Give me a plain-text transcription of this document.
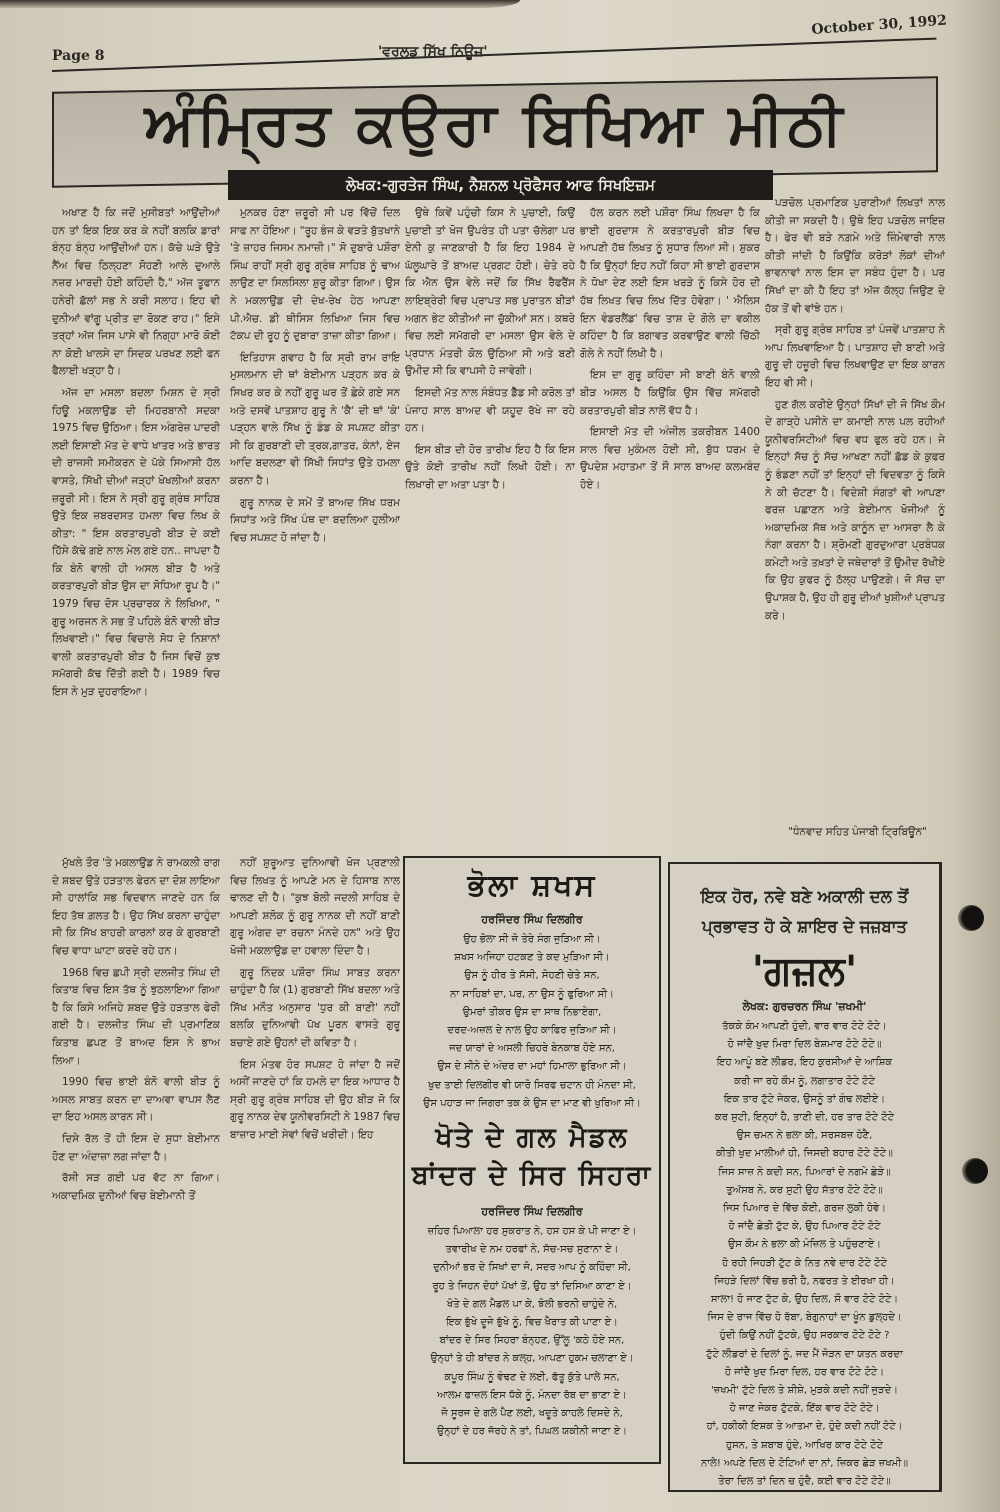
Page 8	'ਵਰਲਡ ਸਿੱਖ ਨਿਊਜ਼'
October 30, 1992
ਅੰਮ੍ਰਿਤ ਕਉਰਾ ਬਿਖਿਆ ਮੀਠੀ
ਲੇਖਕ:-ਗੁਰਤੇਜ ਸਿੰਘ, ਨੈਸ਼ਨਲ ਪ੍ਰੋਫੈਸਰ ਆਫ ਸਿਖਇਜ਼ਮ

ਅਖਾਣ ਹੈ ਕਿ ਜਦੋਂ ਮੁਸੀਬਤਾਂ ਆਉਂਦੀਆਂ ਹਨ ਤਾਂ ਇਕ ਇਕ ਕਰ ਕੇ ਨਹੀਂ ਬਲਕਿ ਡਾਰਾਂ ਬੰਨ੍ਹ ਬੰਨ੍ਹ ਆਉਂਦੀਆਂ ਹਨ। ਕੱਚੇ ਘੜੇ ਉਤੇ ਨੈਂਅ ਵਿਚ ਠਿਲ੍ਹਣਾ ਸੋਹਣੀ ਆਲੇ ਦੁਆਲੇ ਨਜ਼ਰ ਮਾਰਦੀ ਹੋਈ ਕਹਿੰਦੀ ਹੈ," ਅੱਜ ਤੂਫਾਨ ਹਨੇਰੀ ਛੱਲਾਂ ਸਭ ਨੇ ਕਰੀ ਸਲਾਹ। ਇਹ ਵੀ ਦੁਨੀਆਂ ਵਾਂਗੂ ਪ੍ਰੀਤ ਦਾ ਰੋਕਣ ਰਾਹ।" ਇਸੇ ਤਰ੍ਹਾਂ ਅੱਜ ਜਿਸ ਪਾਸੇ ਵੀ ਨਿਗ੍ਹਾ ਮਾਰੋ ਕੋਈ ਨਾ ਕੋਈ ਖਾਲਸੇ ਦਾ ਸਿਦਕ ਪਰਖਣ ਲਈ ਫਨ ਫੈਲਾਈ ਖੜ੍ਹਾ ਹੈ।

ਅੱਜ ਦਾ ਮਸਲਾ ਬਦਲਾ ਮਿਸ਼ਨ ਦੇ ਸ੍ਰੀ ਹਿਊ ਮਕਲਾਉਡ ਦੀ ਮਿਹਰਬਾਨੀ ਸਦਕਾ 1975 ਵਿਚ ਉਠਿਆ। ਇਸ ਅੰਗਰੇਜ਼ ਪਾਦਰੀ ਲਈ ਇਸਾਈ ਮੱਤ ਦੇ ਵਾਧੇ ਖਾਤਰ ਅਤੇ ਭਾਰਤ ਦੀ ਰਾਜਸੀ ਸਮੀਕਰਨ ਦੇ ਪੱਕੇ ਸਿਆਸੀ ਹੱਲ ਵਾਸਤੇ, ਸਿੱਖੀ ਦੀਆਂ ਜੜ੍ਹਾਂ ਖੋਖਲੀਆਂ ਕਰਨਾ ਜ਼ਰੂਰੀ ਸੀ। ਇਸ ਨੇ ਸ੍ਰੀ ਗੁਰੂ ਗ੍ਰੰਥ ਸਾਹਿਬ ਉਤੇ ਇਕ ਜ਼ਬਰਦਸਤ ਹਮਲਾ ਵਿਚ ਲਿਖ ਕੇ ਕੀਤਾ: " ਇਸ ਕਰਤਾਰਪੁਰੀ ਬੀੜ ਦੇ ਕਈ ਹਿੱਸੇ ਕੱਢੇ ਗਏ ਨਾਲ ਮੇਲ ਗਏ ਹਨ.. ਜਾਪਦਾ ਹੈ ਕਿ ਬੰਨੋ ਵਾਲੀ ਹੀ ਅਸਲ ਬੀੜ ਹੈ ਅਤੇ ਕਰਤਾਰਪੁਰੀ ਬੀੜ ਉਸ ਦਾ ਸੋਧਿਆ ਰੂਪ ਹੈ।" 1979 ਵਿਚ ਦੋਸ ਪ੍ਰਚਾਰਕ ਨੇ ਲਿਖਿਆ, " ਗੁਰੂ ਅਰਜਨ ਨੇ ਸਭ ਤੋਂ ਪਹਿਲੇ ਬੰਨੋ ਵਾਲੀ ਬੀੜ ਲਿਖਵਾਈ।" ਵਿਚ ਵਿਚਾਲੇ ਸੋਧ ਦੇ ਨਿਸ਼ਾਨਾਂ ਵਾਲੀ ਕਰਤਾਰਪੁਰੀ ਬੀੜ ਹੈ ਜਿਸ ਵਿਚੋਂ ਕੁਝ ਸਮੱਗਰੀ ਕੱਢ ਦਿੱਤੀ ਗਈ ਹੈ। 1989 ਵਿਚ ਇਸ ਨੇ ਮੁੜ ਦੁਹਰਾਇਆ।

ਮੁਨਕਰ ਹੋਣਾ ਜ਼ਰੂਰੀ ਸੀ ਪਰ ਵਿੱਚੋਂ ਦਿਲ ਸਾਫ ਨਾ ਹੋਇਆ। "ਰੂਹ ਭੰਜ ਕੇ ਵੜਤੇ ਬੁੱਤਖਾਨੇ 'ਤੇ ਜ਼ਾਹਰ ਜਿਸਮ ਨਮਾਜ਼ੀ।" ਸੋ ਦੁਬਾਰੇ ਪਸ਼ੌਰਾ ਸਿੰਘ ਰਾਹੀਂ ਸ੍ਰੀ ਗੁਰੂ ਗ੍ਰੰਥ ਸਾਹਿਬ ਨੂੰ ਢਾਅ ਲਾਉਣ ਦਾ ਸਿਲਸਿਲਾ ਸ਼ੁਰੂ ਕੀਤਾ ਗਿਆ। ਉਸ ਨੇ ਮਕਲਾਉਡ ਦੀ ਦੇਖ-ਰੇਖ ਹੇਠ ਆਪਣਾ ਪੀ.ਐਚ. ਡੀ ਥੀਸਿਸ ਲਿਖਿਆ ਜਿਸ ਵਿਚ ਟੱਕਪ ਦੀ ਰੂਹ ਨੂੰ ਦੁਬਾਰਾ ਤਾਜ਼ਾ ਕੀਤਾ ਗਿਆ।

ਇਤਿਹਾਸ ਗਵਾਹ ਹੈ ਕਿ ਸ੍ਰੀ ਰਾਮ ਰਾਇ ਮੁਸਲਮਾਨ ਦੀ ਥਾਂ ਬੇਈਮਾਨ ਪੜ੍ਹਨ ਕਰ ਕੇ ਸਿਖਰ ਕਰ ਕੇ ਨਹੀਂ ਗੁਰੂ ਘਰ ਤੋਂ ਛੇਕੇ ਗਏ ਸਨ ਅਤੇ ਦਸਵੇਂ ਪਾਤਸ਼ਾਹ ਗੁਰੂ ਨੇ 'ਕੈ' ਦੀ ਥਾਂ 'ਕੇ' ਪੜ੍ਹਨ ਵਾਲੇ ਸਿੱਖ ਨੂੰ ਡੰਡ ਕੇ ਸਪਸ਼ਟ ਕੀਤਾ ਸੀ ਕਿ ਗੁਰਬਾਣੀ ਦੀ ਤ੍ਰਕ,ਗਾਤਰ, ਕੰਨਾਂ, ਏਜ ਆਦਿ ਬਦਲਣਾ ਵੀ ਸਿੱਖੀ ਸਿਧਾਂਤ ਉਤੇ ਹਮਲਾ ਕਰਨਾ ਹੈ।

ਗੁਰੂ ਨਾਨਕ ਦੇ ਸਮੇਂ ਤੋਂ ਬਾਅਦ ਸਿੱਖ ਧਰਮ ਸਿਧਾਂਤ ਅਤੇ ਸਿੱਖ ਪੰਥ ਦਾ ਬਦਲਿਆ ਹੁਲੀਆ ਵਿਚ ਸਪਸ਼ਟ ਹੋ ਜਾਂਦਾ ਹੈ।

ਉਥੇ ਕਿਵੇਂ ਪਹੁੰਚੀ ਕਿਸ ਨੇ ਪੁਚਾਈ, ਕਿਉਂ ਪੁਚਾਈ ਤਾਂ ਖੋਜ ਉਪਰੰਤ ਹੀ ਪਤਾ ਚੱਲੇਗਾ ਪਰ ਏਨੀ ਕੁ ਜਾਣਕਾਰੀ ਹੈ ਕਿ ਇਹ 1984 ਦੇ ਘੱਲੂਘਾਰੇ ਤੋਂ ਬਾਅਦ ਪ੍ਰਗਟ ਹੋਈ। ਚੇਤੇ ਰਹੇ ਕਿ ਐਨ ਉਸ ਵੇਲੇ ਜਦੋਂ ਕਿ ਸਿੱਖ ਰੈਫਰੈਂਸ ਲਾਇਬ੍ਰੇਰੀ ਵਿਚ ਪ੍ਰਾਪਤ ਸਭ ਪੁਰਾਤਨ ਬੀੜਾਂ ਅਗਨ ਭੇਟ ਕੀਤੀਆਂ ਜਾ ਚੁੱਕੀਆਂ ਸਨ। ਕਥਰੇ ਵਿਚ ਲਈ ਸਮੱਗਰੀ ਦਾ ਮਸਲਾ ਉਸ ਵੇਲੇ ਦੇ ਪ੍ਰਧਾਨ ਮੰਤਰੀ ਕੋਲ ਉਠਿਆ ਸੀ ਅਤੇ ਬਣੀ ਉਮੀਦ ਸੀ ਕਿ ਵਾਪਸੀ ਹੋ ਜਾਵੇਗੀ।

ਇਸਦੀ ਮੱਤ ਨਾਲ ਸੰਬੰਧਤ ਡੈੱਡ ਸੀ ਕਰੋਲ ਤਾਂ ਪੰਜਾਹ ਸਾਲ ਬਾਅਦ ਵੀ ਯਹੂਦ ਰੱਖੇ ਜਾ ਰਹੇ ਹਨ।

ਇਸ ਬੀੜ ਦੀ ਹੋਰ ਤਾਰੀਖ ਇਹ ਹੈ ਕਿ ਇਸ ਉਤੇ ਕੋਈ ਤਾਰੀਖ ਨਹੀਂ ਲਿਖੀ ਹੋਈ। ਨਾ ਲਿਖਾਰੀ ਦਾ ਅਤਾ ਪਤਾ ਹੈ।

ਹੱਲ ਕਰਨ ਲਈ ਪਸ਼ੌਰਾ ਸਿੰਘ ਲਿਖਦਾ ਹੈ ਕਿ ਭਾਈ ਗੁਰਦਾਸ ਨੇ ਕਰਤਾਰਪੁਰੀ ਬੀੜ ਵਿਚ ਆਪਣੀ ਹੱਥ ਲਿਖਤ ਨੂੰ ਸੁਧਾਰ ਲਿਆ ਸੀ। ਸ਼ੁਕਰ ਹੈ ਕਿ ਉਨ੍ਹਾਂ ਇਹ ਨਹੀਂ ਕਿਹਾ ਸੀ ਭਾਈ ਗੁਰਦਾਸ ਨੇ ਧੋਖਾ ਦੇਣ ਲਈ ਇਸ ਖਰੜੇ ਨੂੰ ਕਿਸੇ ਹੋਰ ਦੀ ਹੱਥ ਲਿਖਤ ਵਿਚ ਲਿਖ ਦਿੱਤ ਹੋਵੇਗਾ। ' ਐਲਿਸ ਇਨ ਵੰਡਰਲੈਂਡ' ਵਿਚ ਤਾਸ਼ ਦੇ ਗੋਲੇ ਦਾ ਵਕੀਲ ਕਹਿੰਦਾ ਹੈ ਕਿ ਬਗਾਵਤ ਕਰਵਾਉਣ ਵਾਲੀ ਚਿੱਠੀ ਗੋਲੇ ਨੇ ਨਹੀਂ ਲਿਖੀ ਹੈ।

ਇਸ ਦਾ ਗੁਰੂ ਕਹਿੰਦਾ ਸੀ ਬਾਣੀ ਬੰਨੋ ਵਾਲੀ ਬੀੜ ਅਸਲ ਹੈ ਕਿਉਂਕਿ ਉਸ ਵਿੱਚ ਸਮੱਗਰੀ ਕਰਤਾਰਪੁਰੀ ਬੀੜ ਨਾਲੋਂ ਵੱਧ ਹੈ।

ਇਸਾਈ ਮੱਤ ਦੀ ਅੰਜੀਲ ਤਕਰੀਬਨ 1400 ਸਾਲ ਵਿਚ ਮੁਕੰਮਲ ਹੋਈ ਸੀ, ਬੁੱਧ ਧਰਮ ਦੇ ਉਪਦੇਸ਼ ਮਹਾਤਮਾ ਤੋਂ ਸੌ ਸਾਲ ਬਾਅਦ ਕਲਮਬੰਦ ਹੋਏ।

ਪੜਚੋਲ ਪ੍ਰਮਾਣਿਕ ਪੁਰਾਣੀਆਂ ਲਿਖਤਾਂ ਨਾਲ ਕੀਤੀ ਜਾ ਸਕਦੀ ਹੈ। ਉਥੇ ਇਹ ਪੜਚੋਲ ਜਾਇਜ਼ ਹੈ। ਫੇਰ ਵੀ ਬੜੇ ਨਗ਼ਮੇ ਅਤੇ ਜ਼ਿੰਮੇਵਾਰੀ ਨਾਲ ਕੀਤੀ ਜਾਂਦੀ ਹੈ ਕਿਉਂਕਿ ਕਰੋੜਾਂ ਲੋਕਾਂ ਦੀਆਂ ਭਾਵਨਾਵਾਂ ਨਾਲ ਇਸ ਦਾ ਸਬੰਧ ਹੁੰਦਾ ਹੈ। ਪਰ ਸਿੱਖਾਂ ਦਾ ਕੀ ਹੈ ਇਹ ਤਾਂ ਅੱਜ ਕੱਲ੍ਹ ਜਿਉਣ ਦੇ ਹੱਕ ਤੋਂ ਵੀ ਵਾਂਝੇ ਹਨ।

ਸ੍ਰੀ ਗੁਰੂ ਗ੍ਰੰਥ ਸਾਹਿਬ ਤਾਂ ਪੰਜਵੇਂ ਪਾਤਸ਼ਾਹ ਨੇ ਆਪ ਲਿਖਵਾਇਆ ਹੈ। ਪਾਤਸ਼ਾਹ ਦੀ ਬਾਣੀ ਅਤੇ ਗੁਰੂ ਦੀ ਹਜ਼ੂਰੀ ਵਿਚ ਲਿਖਵਾਉਣ ਦਾ ਇਕ ਕਾਰਨ ਇਹ ਵੀ ਸੀ।

ਹੁਣ ਗੱਲ ਕਰੀਏ ਉਨ੍ਹਾਂ ਸਿੱਖਾਂ ਦੀ ਜੋ ਸਿੱਖ ਕੌਮ ਦੇ ਗਾੜ੍ਹੇ ਪਸੀਨੇ ਦਾ ਕਮਾਈ ਨਾਲ ਪਲ ਰਹੀਆਂ ਯੂਨੀਵਰਸਿਟੀਆਂ ਵਿਚ ਵਧ ਫੁਲ ਰਹੇ ਹਨ। ਜੇ ਇਨ੍ਹਾਂ ਸੱਚ ਨੂੰ ਸੱਚ ਆਖਣਾ ਨਹੀਂ ਛੱਡ ਕੇ ਕੁਫਰ ਨੂੰ ਭੰਡਣਾ ਨਹੀਂ ਤਾਂ ਇਨ੍ਹਾਂ ਦੀ ਵਿਦਵਤਾ ਨੂੰ ਕਿਸੇ ਨੇ ਕੀ ਚੱਟਣਾ ਹੈ। ਵਿਦੇਸ਼ੀ ਸੰਗਤਾਂ ਵੀ ਆਪਣਾ ਫਰਜ਼ ਪਛਾਣਨ ਅਤੇ ਬੇਈਮਾਨ ਖੋਜੀਆਂ ਨੂੰ ਅਕਾਦਮਿਕ ਸੱਥ ਅਤੇ ਕਾਨੂੰਨ ਦਾ ਆਸਰਾ ਲੈ ਕੇ ਨੰਗਾ ਕਰਨਾ ਹੈ। ਸ਼੍ਰੋਮਣੀ ਗੁਰਦੁਆਰਾ ਪ੍ਰਬੰਧਕ ਕਮੇਟੀ ਅਤੇ ਤਖ਼ਤਾਂ ਦੇ ਜਥੇਦਾਰਾਂ ਤੋਂ ਉਮੀਦ ਰੱਖੀਏ ਕਿ ਉਹ ਕੁਫਰ ਨੂੰ ਠੱਲ੍ਹ ਪਾਉਣਗੇ। ਜੋ ਸੱਚ ਦਾ ਉਪਾਸ਼ਕ ਹੈ, ਉਹ ਹੀ ਗੁਰੂ ਦੀਆਂ ਖੁਸ਼ੀਆਂ ਪ੍ਰਾਪਤ ਕਰੇ।

"ਧੰਨਵਾਦ ਸਹਿਤ ਪੰਜਾਬੀ ਟ੍ਰਿਬਿਊਨ"

ਮੁੱਖਲੇ ਤੌਰ 'ਤੇ ਮਕਲਾਉਡ ਨੇ ਰਾਮਕਲੀ ਰਾਗ ਦੇ ਸ਼ਬਦ ਉਤੇ ਹੜਤਾਲ ਫੇਰਨ ਦਾ ਦੋਸ਼ ਲਾਇਆ ਸੀ ਹਾਲਾਂਕਿ ਸਭ ਵਿਦਵਾਨ ਜਾਣਦੇ ਹਨ ਕਿ ਇਹ ਤੱਥ ਗ਼ਲਤ ਹੈ। ਉਹ ਸਿੱਖ ਕਰਨਾ ਚਾਹੁੰਦਾ ਸੀ ਕਿ ਸਿੱਖ ਬਾਹਰੀ ਕਾਰਨਾਂ ਕਰ ਕੇ ਗੁਰਬਾਣੀ ਵਿਚ ਵਾਧਾ ਘਾਟਾ ਕਰਦੇ ਰਹੇ ਹਨ।

1968 ਵਿਚ ਛਪੀ ਸ੍ਰੀ ਦਲਜੀਤ ਸਿੰਘ ਦੀ ਕਿਤਾਬ ਵਿਚ ਇਸ ਤੱਥ ਨੂੰ ਝੁਠਲਾਇਆ ਗਿਆ ਹੈ ਕਿ ਕਿਸੇ ਅਜਿਹੇ ਸ਼ਬਦ ਉਤੇ ਹੜਤਾਲ ਫੇਰੀ ਗਈ ਹੈ। ਦਲਜੀਤ ਸਿੰਘ ਦੀ ਪ੍ਰਮਾਣਿਕ ਕਿਤਾਬ ਛਪਣ ਤੋਂ ਬਾਅਦ ਇਸ ਨੇ ਭਾਅ ਲਿਆ।

1990 ਵਿਚ ਭਾਈ ਬੰਨੋ ਵਾਲੀ ਬੀੜ ਨੂੰ ਅਸਲ ਸਾਬਤ ਕਰਨ ਦਾ ਦਾਅਵਾ ਵਾਪਸ ਲੈਣ ਦਾ ਇਹ ਅਸਲ ਕਾਰਨ ਸੀ।

ਦਿਸੇ ਰੱਲ ਤੋਂ ਹੀ ਇਸ ਦੇ ਸੁਧਾ ਬੇਈਮਾਨ ਹੋਣ ਦਾ ਅੰਦਾਜ਼ਾ ਲਗ ਜਾਂਦਾ ਹੈ।

ਰੱਸੀ ਸੜ ਗਈ ਪਰ ਵੱਟ ਨਾ ਗਿਆ। ਅਕਾਦਮਿਕ ਦੁਨੀਆਂ ਵਿਚ ਬੇਈਮਾਨੀ ਤੋਂ

ਨਹੀਂ ਸ਼ੁਰੂਆਤ ਦੁਨਿਆਵੀ ਖੋਜ ਪ੍ਰਣਾਲੀ ਵਿਚ ਲਿਖਤ ਨੂੰ ਆਪਣੇ ਮਨ ਦੇ ਹਿਸਾਬ ਨਾਲ ਢਾਲਣ ਦੀ ਹੈ। "ਕੁਝ ਬੋਲੀ ਜਦਲੀ ਸਾਹਿਬ ਦੇ ਆਪਣੀ ਸ਼ਲੋਕ ਨੂੰ ਗੁਰੂ ਨਾਨਕ ਦੀ ਨਹੀਂ ਬਾਣੀ ਗੁਰੂ ਅੰਗਦ ਦਾ ਰਚਨਾ ਮੰਨਦੇ ਹਨ" ਅਤੇ ਉਹ ਖੋਜੀ ਮਕਲਾਉਡ ਦਾ ਹਵਾਲਾ ਦਿੰਦਾ ਹੈ।

ਗੁਰੂ ਨਿੰਦਕ ਪਸ਼ੌਰਾ ਸਿੰਘ ਸਾਬਤ ਕਰਨਾ ਚਾਹੁੰਦਾ ਹੈ ਕਿ (1) ਗੁਰਬਾਣੀ ਸਿੱਖ ਬਦਲਾ ਅਤੇ ਸਿੱਖ ਮਨੌਤ ਅਨੁਸਾਰ 'ਧੁਰ ਕੀ ਬਾਣੀ' ਨਹੀਂ ਬਲਕਿ ਦੁਨਿਆਵੀ ਪੱਖ ਪੂਰਨ ਵਾਸਤੇ ਗੁਰੂ ਬਚਾਏ ਗਏ ਉਹਨਾਂ ਦੀ ਕਵਿਤਾ ਹੈ।

ਇਸ ਮੰਤਵ ਹੋਰ ਸਪਸ਼ਟ ਹੋ ਜਾਂਦਾ ਹੈ ਜਦੋਂ ਅਸੀਂ ਜਾਣਦੇ ਹਾਂ ਕਿ ਹਮਲੇ ਦਾ ਇਕ ਆਧਾਰ ਹੈ ਸ੍ਰੀ ਗੁਰੂ ਗ੍ਰੰਥ ਸਾਹਿਬ ਦੀ ਉਹ ਬੀੜ ਜੋ ਕਿ ਗੁਰੂ ਨਾਨਕ ਦੇਵ ਯੂਨੀਵਰਸਿਟੀ ਨੇ 1987 ਵਿਚ ਬਾਜ਼ਾਰ ਮਾਈ ਸੇਵਾਂ ਵਿਚੋਂ ਖਰੀਦੀ। ਇਹ

ਭੋਲਾ ਸ਼ਖਸ
ਹਰਜਿੰਦਰ ਸਿੰਘ ਦਿਲਗੀਰ
ਉਹ ਭੋਲਾ ਸੀ ਜੋ ਤੇਰੇ ਸੰਗ ਜੁੜਿਆ ਸੀ।
ਸ਼ਖਸ ਅਜਿਹਾ ਹਟਕਣ ਤੇ ਕਦ ਮੁੜਿਆ ਸੀ।
ਉਸ ਨੂੰ ਹੀਰ ਤੇ ਸੱਸੀ, ਸੋਹਣੀ ਚੇਤੇ ਸਨ,
ਨਾ ਸਾਹਿਬਾਂ ਦਾ, ਪਰ, ਨਾ ਉਸ ਨੂੰ ਫੁਰਿਆ ਸੀ।
ਉਮਰਾਂ ਤੀਕਰ ਉਸ ਦਾ ਸਾਥ ਨਿਭਾਏਗਾ,
ਦਰਦ-ਅਜ਼ਲ ਦੇ ਨਾਲ ਉਹ ਕਾਫਿਰ ਜੁੜਿਆ ਸੀ।
ਜਦ ਯਾਰਾਂ ਦੇ ਅਸਲੀ ਚਿਹਰੇ ਬੇਨਕਾਬ ਹੋਏ ਸਨ,
ਉਸ ਦੇ ਸੀਨੇ ਦੇ ਅੰਦਰ ਦਾ ਮਹਾਂ ਹਿਮਾਲਾ ਭੁਰਿਆ ਸੀ।
ਖੁਦ ਤਾਈ ਦਿਲਗੀਰ ਵੀ ਯਾਰੋ ਸਿਰਫ ਚਟਾਨ ਹੀ ਮੰਨਦਾ ਸੀ,
ਉਸ ਪਹਾੜ ਜਾ ਜਿਗਰਾ ਤਕ ਕੇ ਉਸ ਦਾ ਮਾਣ ਵੀ ਖੁਰਿਆ ਸੀ।
ਖੋਤੇ ਦੇ ਗਲ ਮੈਡਲ
ਬਾਂਦਰ ਦੇ ਸਿਰ ਸਿਹਰਾ
ਹਰਜਿੰਦਰ ਸਿੰਘ ਦਿਲਗੀਰ
ਜ਼ਹਿਰ ਪਿਆਲਾ ਹਰ ਸੁਕਰਾਤ ਨੇ, ਹਸ ਹਸ ਕੇ ਪੀ ਜਾਣਾ ਏ।
ਤਵਾਰੀਖ ਦੇ ਨਮ ਹਰਫਾਂ ਨੇ, ਸੱਚ-ਸਚ ਸੁਣਾਨਾ ਏ।
ਦੁਨੀਆਂ ਭਰ ਦੇ ਸਿਖਾਂ ਦਾ ਜੋ, ਸਦਰ ਆਪ ਨੂੰ ਕਹਿੰਦਾ ਸੀ,
ਰੂਹ ਤੇ ਜਿਹਨ ਦੋਹਾਂ ਪੱਖਾਂ ਤੋਂ, ਉਹ ਤਾਂ ਦਿਸਿਆ ਕਾਣਾ ਏ।
ਖੋਤੇ ਦੇ ਗਲ ਮੈਡਲ ਪਾ ਕੇ, ਝੋਲੀ ਭਰਨੀ ਚਾਹੁੰਦੇ ਨੇ,
ਇਕ ਭੁੱਖੇ ਦੂਜੇ ਭੁੱਖੇ ਨੂੰ, ਵਿਚ ਖੈਰਾਤ ਕੀ ਪਾਣਾ ਏ।
ਬਾਂਦਰ ਦੇ ਸਿਰ ਸਿਹਰਾ ਬੰਨ੍ਹਣ, ਉੱਲੂ 'ਕਠੇ ਹੋਏ ਸਨ,
ਉਨ੍ਹਾਂ ਤੇ ਹੀ ਬਾਂਦਰ ਨੇ ਕਲ੍ਹ, ਆਪਣਾ ਹੁਕਮ ਚਲਾਣਾ ਏ।
ਕਪੂਰ ਸਿੰਘ ਨੂੰ ਵੰਢਣ ਦੇ ਲਈ, ਫੱਤੂ ਕੁੱਤੇ ਪਾਲੇ ਸਨ,
ਆਲਮ ਫਾਜ਼ਲ ਇਸ ਧੱਕੇ ਨੂੰ, ਮੰਨਦਾ ਰੱਬ ਦਾ ਭਾਣਾ ਏ।
ਜੋ ਸੂਰਜ ਦੇ ਗਲੇ ਪੈਣ ਲਈ, ਖਦੂਤੇ ਕਾਹਲੇ ਦਿਸਦੇ ਨੇ,
ਉਨ੍ਹਾਂ ਦੇ ਹਰ ਜੱਰਹੇ ਨੇ ਤਾਂ, ਪਿਘਲ ਯਕੀਨੀ ਜਾਣਾ ਏ।
ਇਕ ਹੋਰ, ਨਵੇ ਬਣੇ ਅਕਾਲੀ ਦਲ ਤੋਂ
ਪ੍ਰਭਾਵਤ ਹੋ ਕੇ ਸ਼ਾਇਰ ਦੇ ਜਜ਼ਬਾਤ
'ਗਜ਼ਲ'
ਲੇਖਕ: ਗੁਰਚਰਨ ਸਿੰਘ 'ਜ਼ਖਮੀ'
ਤੱਕਕੇ ਕੰਮ ਆਪਣੀ ਹੁੰਦੀ, ਵਾਰ ਵਾਰ ਟੋਟੇ ਟੋਟੇ।
ਹੋ ਜਾਂਦੈ ਖੁਦ ਮਿਰਾ ਦਿਲ ਬੇਸ਼ਮਾਰ ਟੋਟੇ ਟੋਟੇ॥
ਇਹ ਆਪੂੰ ਬਣੇ ਲੀਡਰ, ਇਹ ਕੁਰਸੀਆਂ ਦੇ ਆਸ਼ਿਕ
ਕਰੀ ਜਾ ਰਹੇ ਕੌਮ ਨੂੰ, ਲਗਾਤਾਰ ਟੋਟੇ ਟੋਟੇ
ਇਕ ਤਾਰ ਟੁੱਟੇ ਜੇਕਰ, ਉਸਨੂੰ ਤਾਂ ਗੰਢ ਲਈਏ।
ਕਰ ਸੁਟੀ, ਇਨ੍ਹਾਂ ਹੈ, ਤਾਣੀ ਦੀ, ਹਰ ਤਾਰ ਟੋਟੇ ਟੋਟੇ
ਉਸ ਚਮਨ ਨੇ ਭਲਾ ਕੀ, ਸਰਸਬਜ਼ ਹੋਣੈ,
ਕੀਤੀ ਖੁਦ ਮਾਲੀਆਂ ਹੀ, ਜਿਸਦੀ ਬਹਾਰ ਟੋਟੇ ਟੋਟੇ॥
ਜਿਸ ਸਾਜ਼ ਨੇ ਕਦੀ ਸਨ, ਪਿਆਰਾਂ ਦੇ ਨਗਮੇ ਛੇੜੇ॥
ਤੁਅੱਸਬ ਨੇ, ਕਰ ਸੁਟੀ ਉਹ ਸੱਤਾਰ ਟੋਟੇ ਟੋਟੇ॥
ਜਿਸ ਪਿਆਰ ਦੇ ਵਿੱਚ ਕੋਈ, ਗਰਜ਼ ਲੁਕੀ ਹੋਵੇ।
ਹੋ ਜਾਂਦੈ ਛੇਤੀ ਟੁੱਟ ਕੇ, ਉਹ ਪਿਆਰ ਟੋਟੇ ਟੋਟੇ
ਉਸ ਕੌਮ ਨੇ ਭਲਾ ਕੀ ਮੰਜ਼ਿਲ ਤੇ ਪਹੁੰਚਣਾਏ।
ਹੋ ਰਹੀ ਜਿਹੜੀ ਟੁੱਟ ਕੇ ਨਿਤ ਨਵੇ ਦਾਰ ਟੋਟੇ ਟੋਟੇ
ਜਿਹੜੇ ਦਿਲਾਂ ਵਿੱਚ ਭਰੀ ਹੈ, ਨਫਰਤ ਤੇ ਈਰਖਾ ਹੀ।
ਸਾਲਾ! ਹੋ ਜਾਣ ਟੁੱਟ ਕੇ, ਉਹ ਦਿਲ, ਸੌ ਵਾਰ ਟੋਟੇ ਟੋਟੇ।
ਜਿਸ ਦੇ ਰਾਜ ਵਿੱਚ ਹੋ ਰੱਬਾ, ਬੇਗੁਨਾਹਾਂ ਦਾ ਖੂੰਨ ਡੁਲ੍ਹਦੇ।
ਹੁੰਦੀ ਕਿਉਂ ਨਹੀਂ ਟੁੱਟਕੇ, ਉਹ ਸਰਕਾਰ ਟੋਟੇ ਟੋਟੇ ?
ਟੁੱਟੇ ਲੀਡਰਾਂ ਦੇ ਦਿਲਾਂ ਨੂੰ, ਜਦ ਮੈਂ ਜੋੜਨ ਦਾ ਯਤਨ ਕਰਦਾ
ਹੋ ਜਾਂਦੈ ਖੁਦ ਮਿਰਾ ਦਿਲ, ਹਰ ਵਾਰ ਟੋਟੇ ਟੋਟੇ।
'ਜ਼ਖਮੀ' ਟੁੱਟੇ ਦਿਲ ਤੇ ਸ਼ੀਸ਼ੇ, ਮੁੜਕੇ ਕਦੀ ਨਹੀਂ ਜੁੜਦੇ।
ਹੋ ਜਾਣ ਜੇਕਰ ਟੁੱਟਕੇ, ਇੱਕ ਵਾਰ ਟੋਟੇ ਟੋਟੇ।
ਹਾਂ, ਹਕੀਕੀ ਇਸ਼ਕ ਤੇ ਆਤਮਾ ਦੇ, ਹੁੰਦੇ ਕਦੀ ਨਹੀਂ ਟੋਟੇ।
ਹੁਸਨ, ਤੇ ਸ਼ਬਾਬ ਹੁੰਦੇ, ਆਖਿਰ ਕਾਰ ਟੋਟੇ ਟੋਟੇ
ਨਾਲੇ! ਅਪਣੇ ਦਿਲ ਦੇ ਟੋਟਿਆਂ ਦਾ ਨਾਂ, ਜ਼ਿਕਰ ਛੇੜ ਜ਼ਖਮੀ॥
ਤੇਰਾ ਦਿਲ ਤਾਂ ਦਿਨ ਚ ਹੁੰਦੈ, ਕਈ ਵਾਰ ਟੋਟੇ ਟੋਟੇ॥
